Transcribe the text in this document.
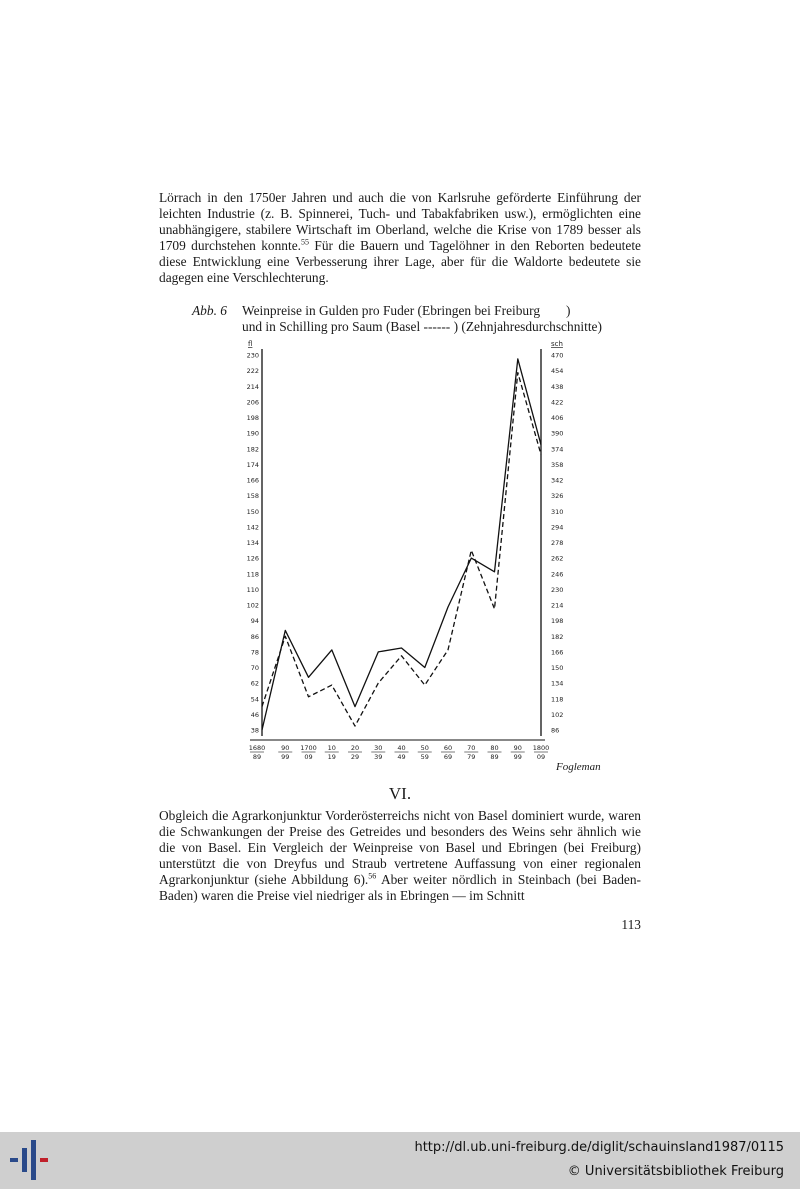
Lörrach in den 1750er Jahren und auch die von Karlsruhe geförderte Einführung der leichten Industrie (z. B. Spinnerei, Tuch- und Tabakfabriken usw.), ermöglichten eine unabhängigere, stabilere Wirtschaft im Oberland, welche die Krise von 1789 besser als 1709 durchstehen konnte.$^{55}$ Für die Bauern und Tagelöhner in den Reborten bedeutete diese Entwicklung eine Verbesserung ihrer Lage, aber für die Waldorte bedeutete sie dagegen eine Verschlechterung.

Abb. 6 Weinpreise in Gulden pro Fuder (Ebringen bei Freiburg )
und in Schilling pro Saum (Basel ------ ) (Zehnjahresdurchschnitte)
fl	sch
230
222
214
206
198
190
182
174
166
158
150
142
134
126
118
110
102
94
86
78
70
62
54
46
38
470
454
438
422
406
390
374
358
342
326
310
294
278
262
246
230
214
198
182
166
150
134
118
102
86
1680
89
90
99
1700
09
10
19
20
29
30
39
40
49
50
59
60
69
70
79
80
89
90
99
1800
09
Fogleman
VI.

Obgleich die Agrarkonjunktur Vorderösterreichs nicht von Basel dominiert wurde, waren die Schwankungen der Preise des Getreides und besonders des Weins sehr ähnlich wie die von Basel. Ein Vergleich der Weinpreise von Basel und Ebringen (bei Freiburg) unterstützt die von Dreyfus und Straub vertretene Auffassung von einer regionalen Agrarkonjunktur (siehe Abbildung 6).$^{56}$ Aber weiter nördlich in Steinbach (bei Baden-Baden) waren die Preise viel niedriger als in Ebringen — im Schnitt

113
http://dl.ub.uni-freiburg.de/diglit/schauinsland1987/0115
© Universitätsbibliothek Freiburg
